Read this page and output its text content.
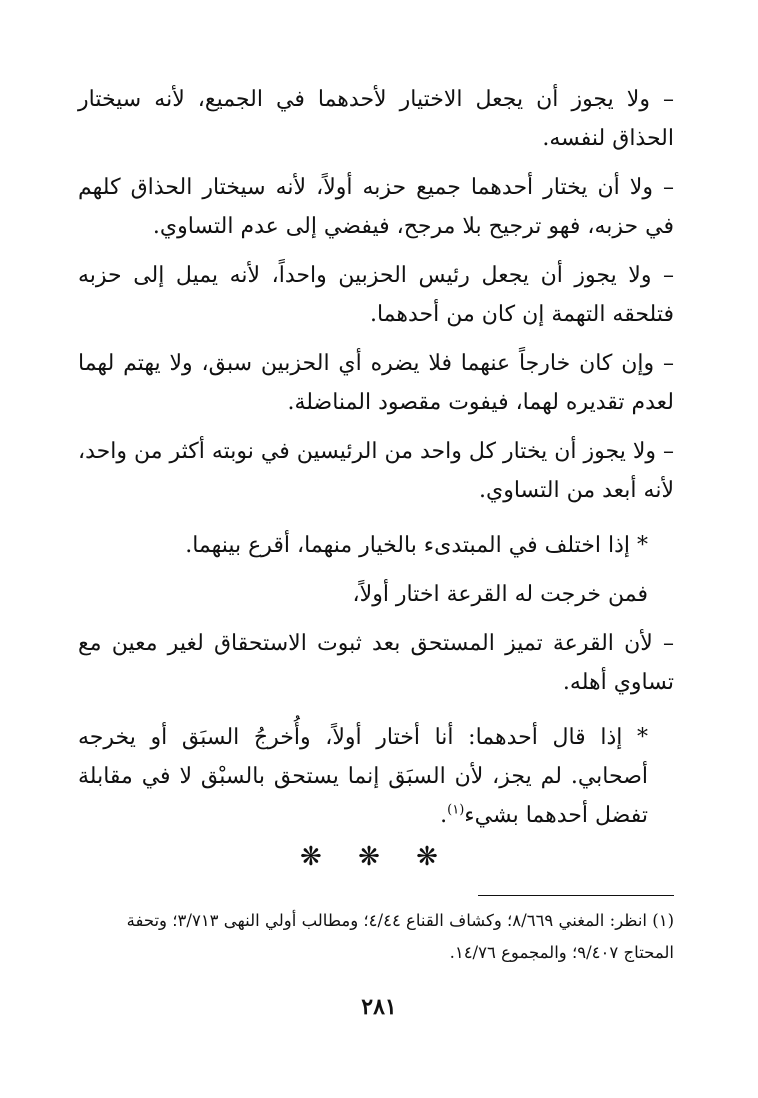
– ولا يجوز أن يجعل الاختيار لأحدهما في الجميع، لأنه سيختار الحذاق لنفسه.

– ولا أن يختار أحدهما جميع حزبه أولاً، لأنه سيختار الحذاق كلهم في حزبه، فهو ترجيح بلا مرجح، فيفضي إلى عدم التساوي.

– ولا يجوز أن يجعل رئيس الحزبين واحداً، لأنه يميل إلى حزبه فتلحقه التهمة إن كان من أحدهما.

– وإن كان خارجاً عنهما فلا يضره أي الحزبين سبق، ولا يهتم لهما لعدم تقديره لهما، فيفوت مقصود المناضلة.

– ولا يجوز أن يختار كل واحد من الرئيسين في نوبته أكثر من واحد، لأنه أبعد من التساوي.

* إذا اختلف في المبتدىء بالخيار منهما، أقرع بينهما.

فمن خرجت له القرعة اختار أولاً،

– لأن القرعة تميز المستحق بعد ثبوت الاستحقاق لغير معين مع تساوي أهله.

* إذا قال أحدهما: أنا أختار أولاً، وأُخرجُ السبَق أو يخرجه أصحابي. لم يجز، لأن السبَق إنما يستحق بالسبْق لا في مقابلة تفضل أحدهما بشيء$^{(١)}$.

❋ ❋ ❋
(١) انظر: المغني ٨/٦٦٩؛ وكشاف القناع ٤/٤٤؛ ومطالب أولي النهى ٣/٧١٣؛ وتحفة المحتاج ٩/٤٠٧؛ والمجموع ١٤/٧٦.
٢٨١
